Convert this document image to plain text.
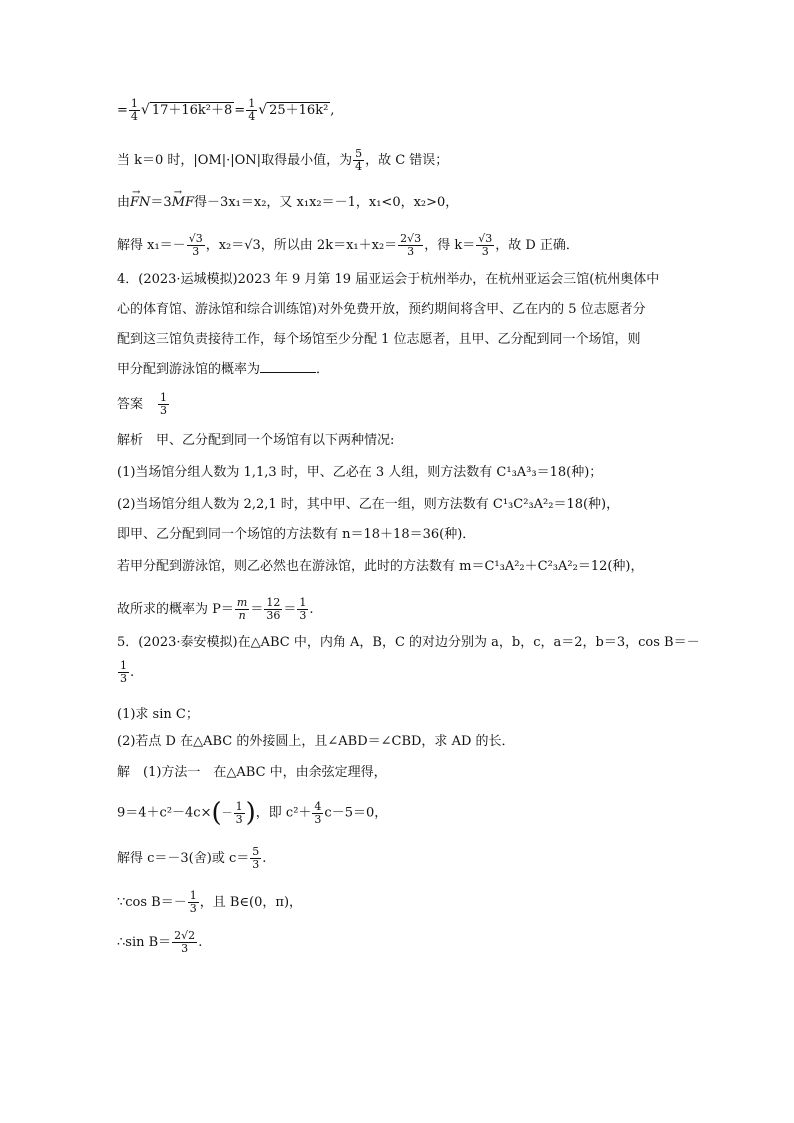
= $\frac{1}{4}$ √ $17+16k^2+8 = \frac{1}{4}$ √ 25＋16k² ,
当 k＝0 时，|OM|·|ON|取得最小值，为 $\frac{5}{4}$ ，故 C 错误；
由→ FN＝3→ MF得－3x₁＝x₂，又 x₁x₂＝－1，x₁<0，x₂>0，
解得 $x_1=- \frac{√3}{3}$ ，x₂＝√3，所以由 $2k=x_1+x_2= \frac{2√3}{3}$ ，得 $k= \frac{√3}{3}$ ，故 D 正确．
4．(2023·运城模拟)2023 年 9 月第 19 届亚运会于杭州举办，在杭州亚运会三馆(杭州奥体中
心的体育馆、游泳馆和综合训练馆)对外免费开放，预约期间将含甲、乙在内的 5 位志愿者分
配到这三馆负责接待工作，每个场馆至少分配 1 位志愿者，且甲、乙分配到同一个场馆，则
甲分配到游泳馆的概率为	．
答案 $\frac{1}{3}$
解析　甲、乙分配到同一个场馆有以下两种情况:
(1)当场馆分组人数为 1,1,3 时，甲、乙必在 3 人组，则方法数有 C¹₃A³₃＝18(种)；
(2)当场馆分组人数为 2,2,1 时，其中甲、乙在一组，则方法数有 C¹₃C²₃A²₂＝18(种)，
即甲、乙分配到同一个场馆的方法数有 n＝18＋18＝36(种)．
若甲分配到游泳馆，则乙必然也在游泳馆，此时的方法数有 m＝C¹₃A²₂＋C²₃A²₂＝12(种)，
故所求的概率为 $P= \frac{m}{n} = \frac{12}{36} = \frac{1}{3}$ .
5．(2023·泰安模拟)在△ABC 中，内角 A，B，C 的对边分别为 a，b，c，a＝2，b＝3，cos B＝－
$\frac{1}{3}$ .
(1)求 sin C；
(2)若点 D 在△ABC 的外接圆上，且∠ABD＝∠CBD，求 AD 的长．
解　(1)方法一　在△ABC 中，由余弦定理得，
$9=4+c^2-4c\times(- \frac{1}{3}$ )，即 $c^2+ \frac{4}{3} c-5=0$，
解得 c＝－3(舍)或 $c= \frac{5}{3}$ .
∵cos $B=- \frac{1}{3}$ ，且 B∈(0，π)，
∴sin $B= \frac{2√2}{3}$ .
